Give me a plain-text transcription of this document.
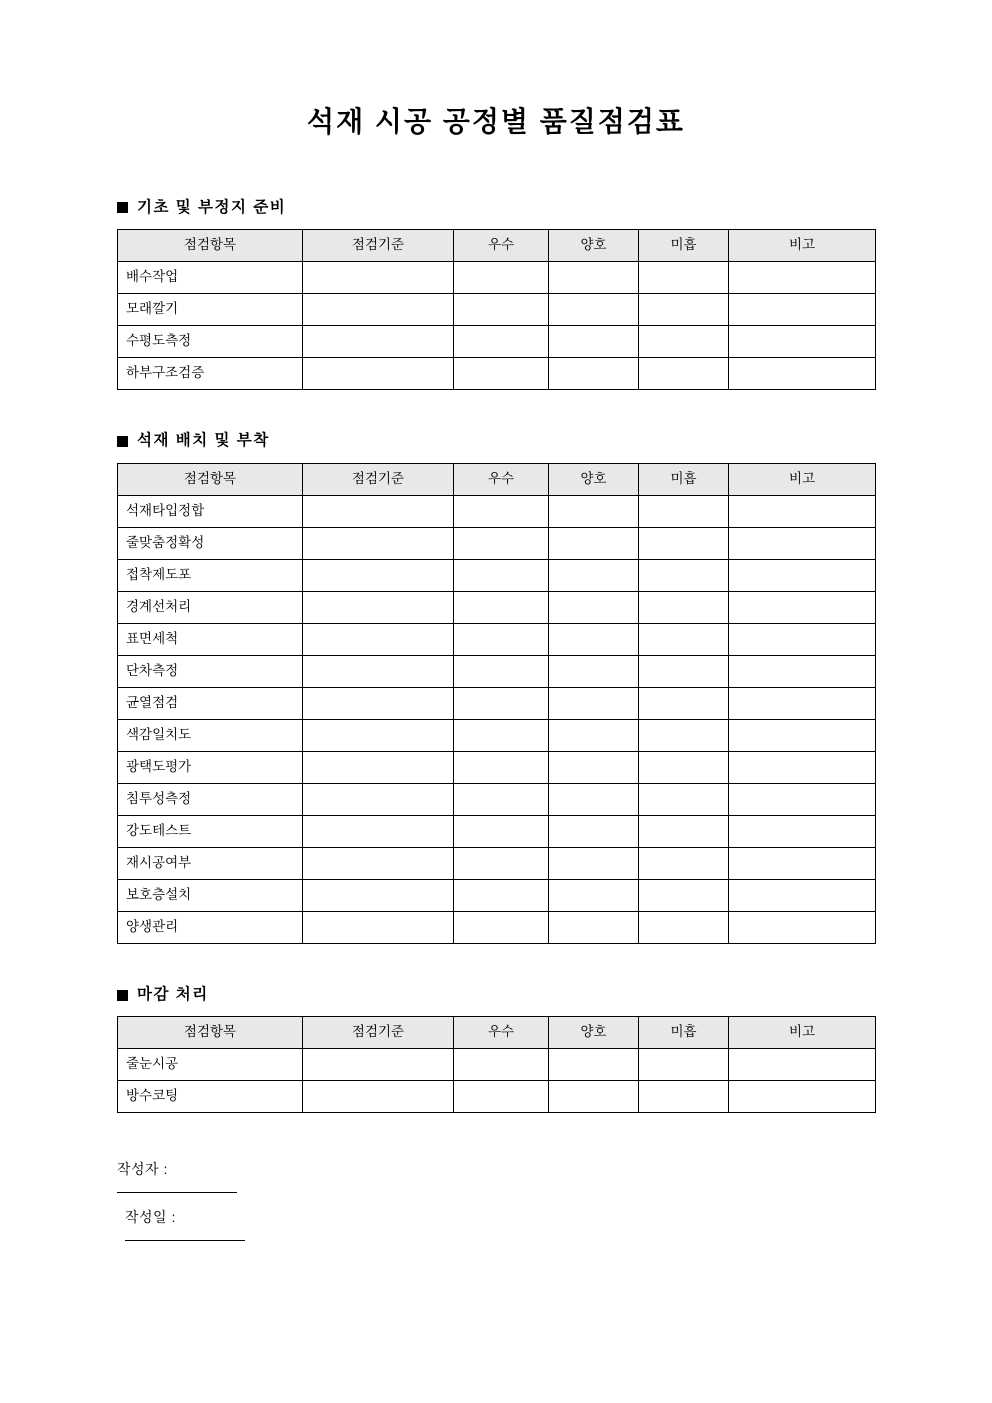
석재 시공 공정별 품질점검표
기초 및 부정지 준비
점검항목	점검기준	우수	양호	미흡	비고
배수작업					
모래깔기					
수평도측정					
하부구조검증					
석재 배치 및 부착
점검항목	점검기준	우수	양호	미흡	비고
석재타입정합					
줄맞춤정확성					
접착제도포					
경계선처리					
표면세척					
단차측정					
균열점검					
색감일치도					
광택도평가					
침투성측정					
강도테스트					
재시공여부					
보호층설치					
양생관리					
마감 처리
점검항목	점검기준	우수	양호	미흡	비고
줄눈시공					
방수코팅					
작성자 :
작성일 :
